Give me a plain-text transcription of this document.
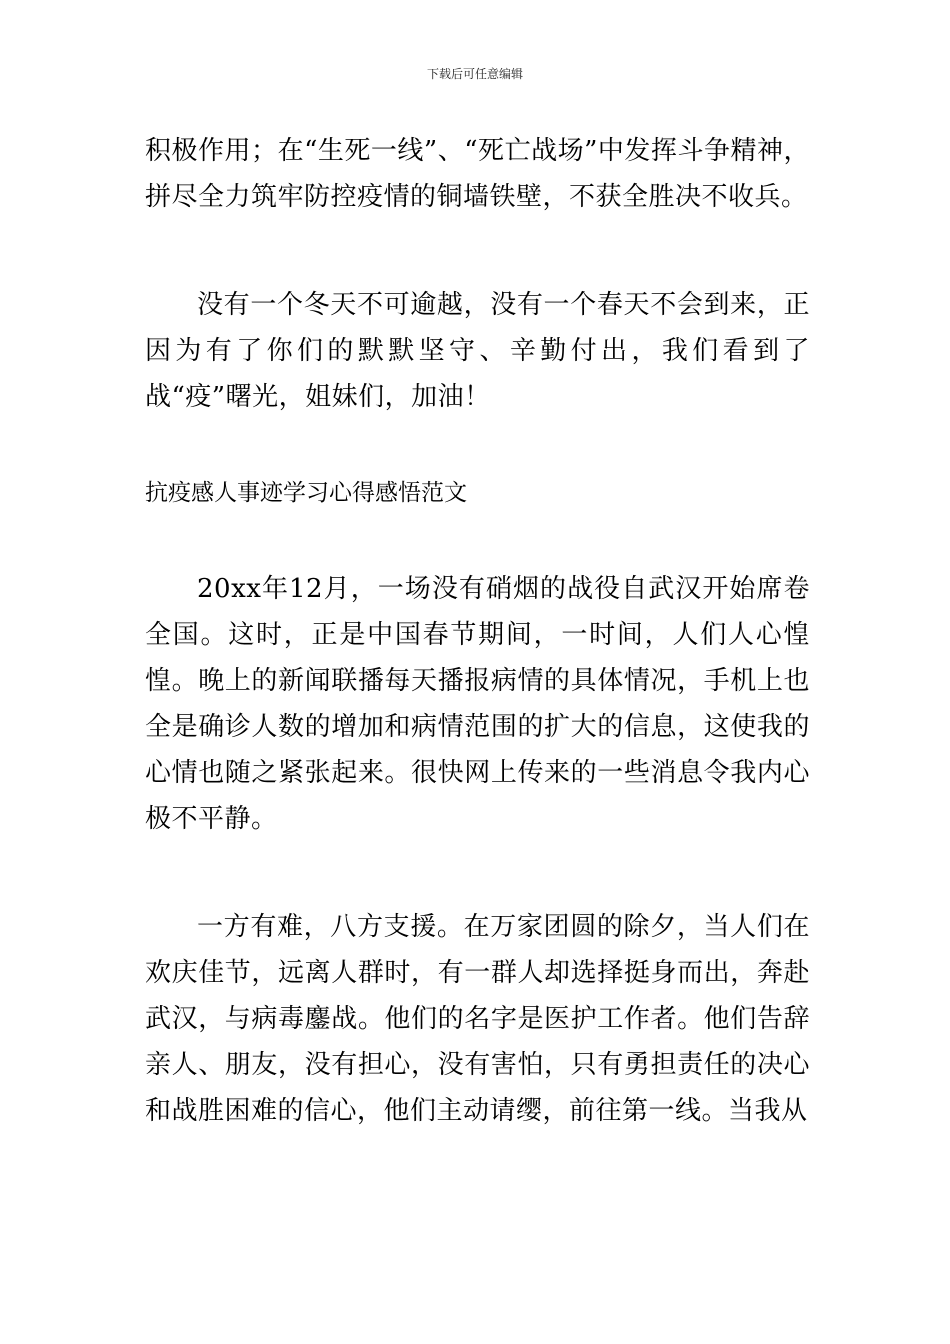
下载后可任意编辑

积极作用；在“生死一线”、“死亡战场”中发挥斗争精神，拼尽全力筑牢防控疫情的铜墙铁壁，不获全胜决不收兵。

没有一个冬天不可逾越，没有一个春天不会到来，正因为有了你们的默默坚守、辛勤付出，我们看到了战“疫”曙光，姐妹们，加油！

抗疫感人事迹学习心得感悟范文

20xx年12月，一场没有硝烟的战役自武汉开始席卷全国。这时，正是中国春节期间，一时间，人们人心惶惶。晚上的新闻联播每天播报病情的具体情况，手机上也全是确诊人数的增加和病情范围的扩大的信息，这使我的心情也随之紧张起来。很快网上传来的一些消息令我内心极不平静。

一方有难，八方支援。在万家团圆的除夕，当人们在欢庆佳节，远离人群时，有一群人却选择挺身而出，奔赴武汉，与病毒鏖战。他们的名字是医护工作者。他们告辞亲人、朋友，没有担心，没有害怕，只有勇担责任的决心和战胜困难的信心，他们主动请缨，前往第一线。当我从
